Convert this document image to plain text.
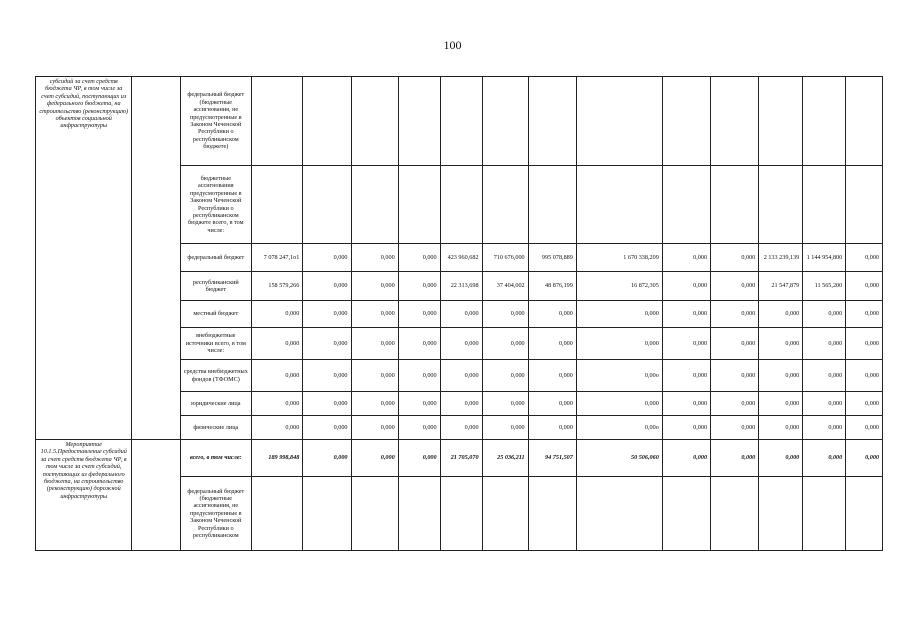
100
субсидий за счет средств бюджета ЧР, в том числе за счет субсидий, поступающих из федерального бюджета, на строительство (реконструкцию) объектов социальной инфраструктуры		федеральный бюджет (бюджетные ассигнования, не предусмотренные в Законом Чеченской Республики о республиканском бюджете)													
		бюджетные ассигнования предусмотренные в Законом Чеченской Республики о республиканском бюджете всего, в том числе:													
		федеральный бюджет	7 078 247,1о1	0,000	0,000	0,000	423 960,682	710 676,000	995 078,889	1 670 338,209	0,000	0,000	2 133 239,139	1 144 954,800	0,000
		республиканский бюджет	158 579,266	0,000	0,000	0,000	22 313,698	37 404,002	48 876,199	16 872,305	0,000	0,000	21 547,879	11 565,200	0,000
		местный бюджет	0,000	0,000	0,000	0,000	0,000	0,000	0,000	0,000	0,000	0,000	0,000	0,000	0,000
		внебюджетные источники всего, в том числе:	0,000	0,000	0,000	0,000	0,000	0,000	0,000	0,000	0,000	0,000	0,000	0,000	0,000
		средства внебюджетных фондов (ТФОМС)	0,000	0,000	0,000	0,000	0,000	0,000	0,000	0,00о	0,000	0,000	0,000	0,000	0,000
		юридические лица	0,000	0,000	0,000	0,000	0,000	0,000	0,000	0,000	0,000	0,000	0,000	0,000	0,000
		физические лица	0,000	0,000	0,000	0,000	0,000	0,000	0,000	0,00о	0,000	0,000	0,000	0,000	0,000
Мероприятие 10.1.5.Предоставление субсидий за счет средств бюджета ЧР, в том числе за счет субсидий, поступающих из федерального бюджета, на строительство (реконструкцию) дорожной инфраструктуры		всего, в том числе:	189 998,848	0,000	0,000	0,000	21 705,070	25 036,211	94 751,507	50 506,060	0,000	0,000	0,000	0,000	0,000
		федеральный бюджет (бюджетные ассигнования, не предусмотренные в Законом Чеченской Республики о республиканском													
